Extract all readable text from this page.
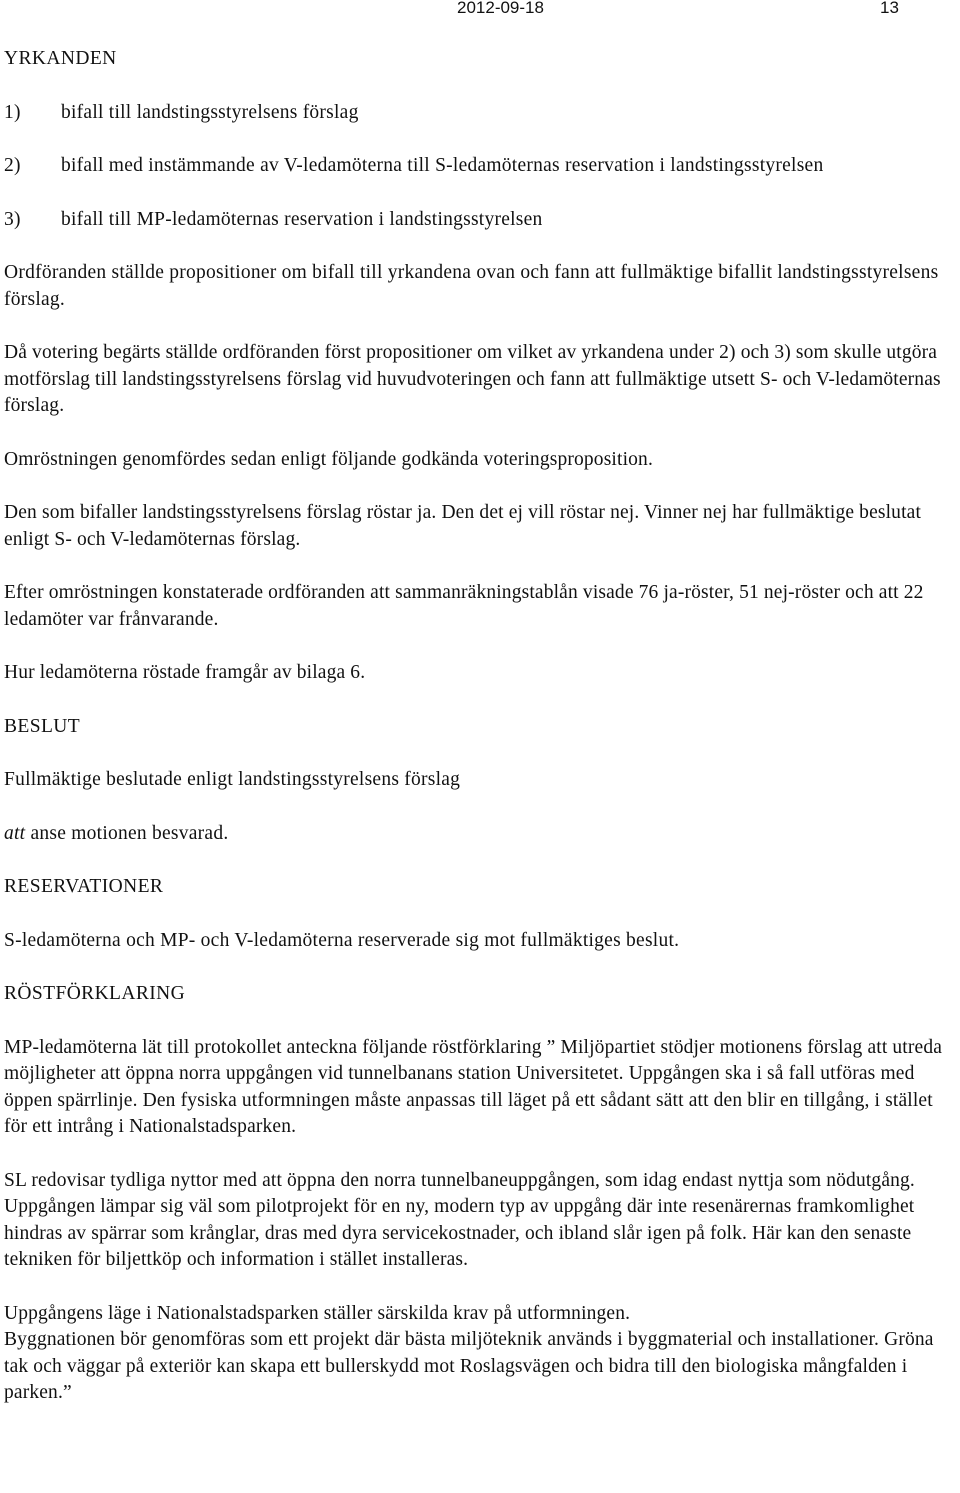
2012-09-18	13
YRKANDEN
1)	bifall till landstingsstyrelsens förslag
2)	bifall med instämmande av V-ledamöterna till S-ledamöternas reservation i landstingsstyrelsen
3)	bifall till MP-ledamöternas reservation i landstingsstyrelsen

Ordföranden ställde propositioner om bifall till yrkandena ovan och fann att fullmäktige bifallit landstingsstyrelsens förslag.

Då votering begärts ställde ordföranden först propositioner om vilket av yrkandena under 2) och 3) som skulle utgöra motförslag till landstingsstyrelsens förslag vid huvudvoteringen och fann att fullmäktige utsett S- och V-ledamöternas förslag.

Omröstningen genomfördes sedan enligt följande godkända voteringsproposition.

Den som bifaller landstingsstyrelsens förslag röstar ja. Den det ej vill röstar nej. Vinner nej har fullmäktige beslutat enligt S- och V-ledamöternas förslag.

Efter omröstningen konstaterade ordföranden att sammanräkningstablån visade 76 ja-röster, 51 nej-röster och att 22 ledamöter var frånvarande.

Hur ledamöterna röstade framgår av bilaga 6.

BESLUT

Fullmäktige beslutade enligt landstingsstyrelsens förslag

att anse motionen besvarad.

RESERVATIONER

S-ledamöterna och MP- och V-ledamöterna reserverade sig mot fullmäktiges beslut.

RÖSTFÖRKLARING

MP-ledamöterna lät till protokollet anteckna följande röstförklaring ” Miljöpartiet stödjer motionens förslag att utreda möjligheter att öppna norra uppgången vid tunnelbanans station Universitetet. Uppgången ska i så fall utföras med öppen spärrlinje. Den fysiska utformningen måste anpassas till läget på ett sådant sätt att den blir en tillgång, i stället för ett intrång i Nationalstadsparken.

SL redovisar tydliga nyttor med att öppna den norra tunnelbaneuppgången, som idag endast nyttja som nödutgång. Uppgången lämpar sig väl som pilotprojekt för en ny, modern typ av uppgång där inte resenärernas framkomlighet hindras av spärrar som krånglar, dras med dyra servicekostnader, och ibland slår igen på folk. Här kan den senaste tekniken för biljettköp och information i stället installeras.

Uppgångens läge i Nationalstadsparken ställer särskilda krav på utformningen.
Byggnationen bör genomföras som ett projekt där bästa miljöteknik används i byggmaterial och installationer. Gröna tak och väggar på exteriör kan skapa ett bullerskydd mot Roslagsvägen och bidra till den biologiska mångfalden i parken.”
